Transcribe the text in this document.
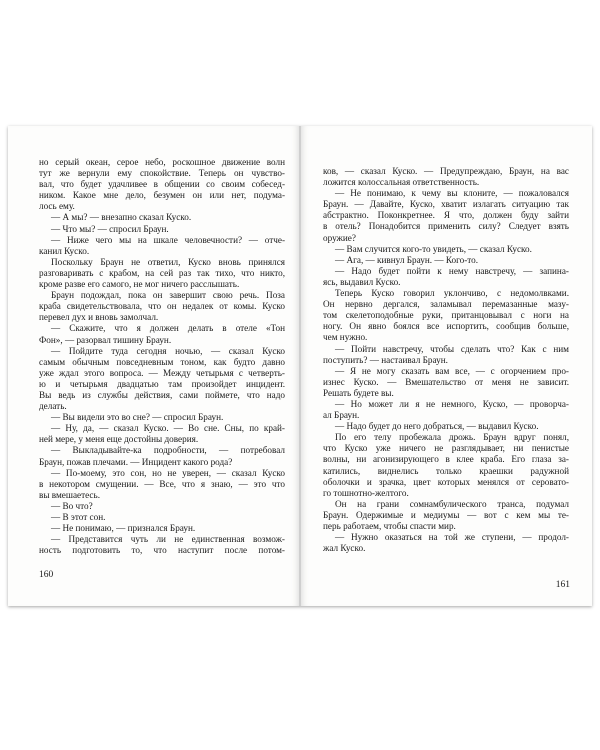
но серый океан, серое небо, роскошное движение волн
тут же вернули ему спокойствие. Теперь он чувство-
вал, что будет удачливее в общении со своим собесед-
ником. Какое мне дело, безумен он или нет, подума-
лось ему.
— А мы? — внезапно сказал Куско.
— Что мы? — спросил Браун.
— Ниже чего мы на шкале человечности? — отче-
канил Куско.
Поскольку Браун не ответил, Куско вновь принялся
разговаривать с крабом, на сей раз так тихо, что никто,
кроме разве его самого, не мог ничего расслышать.
Браун подождал, пока он завершит свою речь. Поза
краба свидетельствовала, что он недалек от комы. Куско
перевел дух и вновь замолчал.
— Скажите, что я должен делать в отеле «Тон
Фон», — разорвал тишину Браун.
— Пойдите туда сегодня ночью, — сказал Куско
самым обычным повседневным тоном, как будто давно
уже ждал этого вопроса. — Между четырьмя с четверть-
ю и четырьмя двадцатью там произойдет инцидент.
Вы ведь из службы действия, сами поймете, что надо
делать.
— Вы видели это во сне? — спросил Браун.
— Ну, да, — сказал Куско. — Во сне. Сны, по край-
ней мере, у меня еще достойны доверия.
— Выкладывайте-ка подробности, — потребовал
Браун, пожав плечами. — Инцидент какого рода?
— По-моему, это сон, но не уверен, — сказал Куско
в некотором смущении. — Все, что я знаю, — это что
вы вмешаетесь.
— Во что?
— В этот сон.
— Не понимаю, — признался Браун.
— Представится чуть ли не единственная возмож-
ность подготовить то, что наступит после потом-
160
ков, — сказал Куско. — Предупреждаю, Браун, на вас
ложится колоссальная ответственность.
— Не понимаю, к чему вы клоните, — пожаловался
Браун. — Давайте, Куско, хватит излагать ситуацию так
абстрактно. Поконкретнее. Я что, должен буду зайти
в отель? Понадобится применить силу? Следует взять
оружие?
— Вам случится кого-то увидеть, — сказал Куско.
— Ага, — кивнул Браун. — Кого-то.
— Надо будет пойти к нему навстречу, — запина-
ясь, выдавил Куско.
Теперь Куско говорил уклончиво, с недомолвками.
Он нервно дергался, заламывал перемазанные мазу-
том скелетоподобные руки, пританцовывал с ноги на
ногу. Он явно боялся все испортить, сообщив больше,
чем нужно.
— Пойти навстречу, чтобы сделать что? Как с ним
поступить? — настаивал Браун.
— Я не могу сказать вам все, — с огорчением про-
изнес Куско. — Вмешательство от меня не зависит.
Решать будете вы.
— Но может ли я не немного, Куско, — проворча-
ал Браун.
— Надо будет до него добраться, — выдавил Куско.
По его телу пробежала дрожь. Браун вдруг понял,
что Куско уже ничего не разглядывает, ни пенистые
волны, ни агонизирующего в клее краба. Его глаза за-
катились, виднелись только краешки радужной
оболочки и зрачка, цвет которых менялся от серовато-
го тошнотно-желтого.
Он на грани сомнамбулического транса, подумал
Браун. Одержимые и медиумы — вот с кем мы те-
перь работаем, чтобы спасти мир.
— Нужно оказаться на той же ступени, — продол-
жал Куско.
161
